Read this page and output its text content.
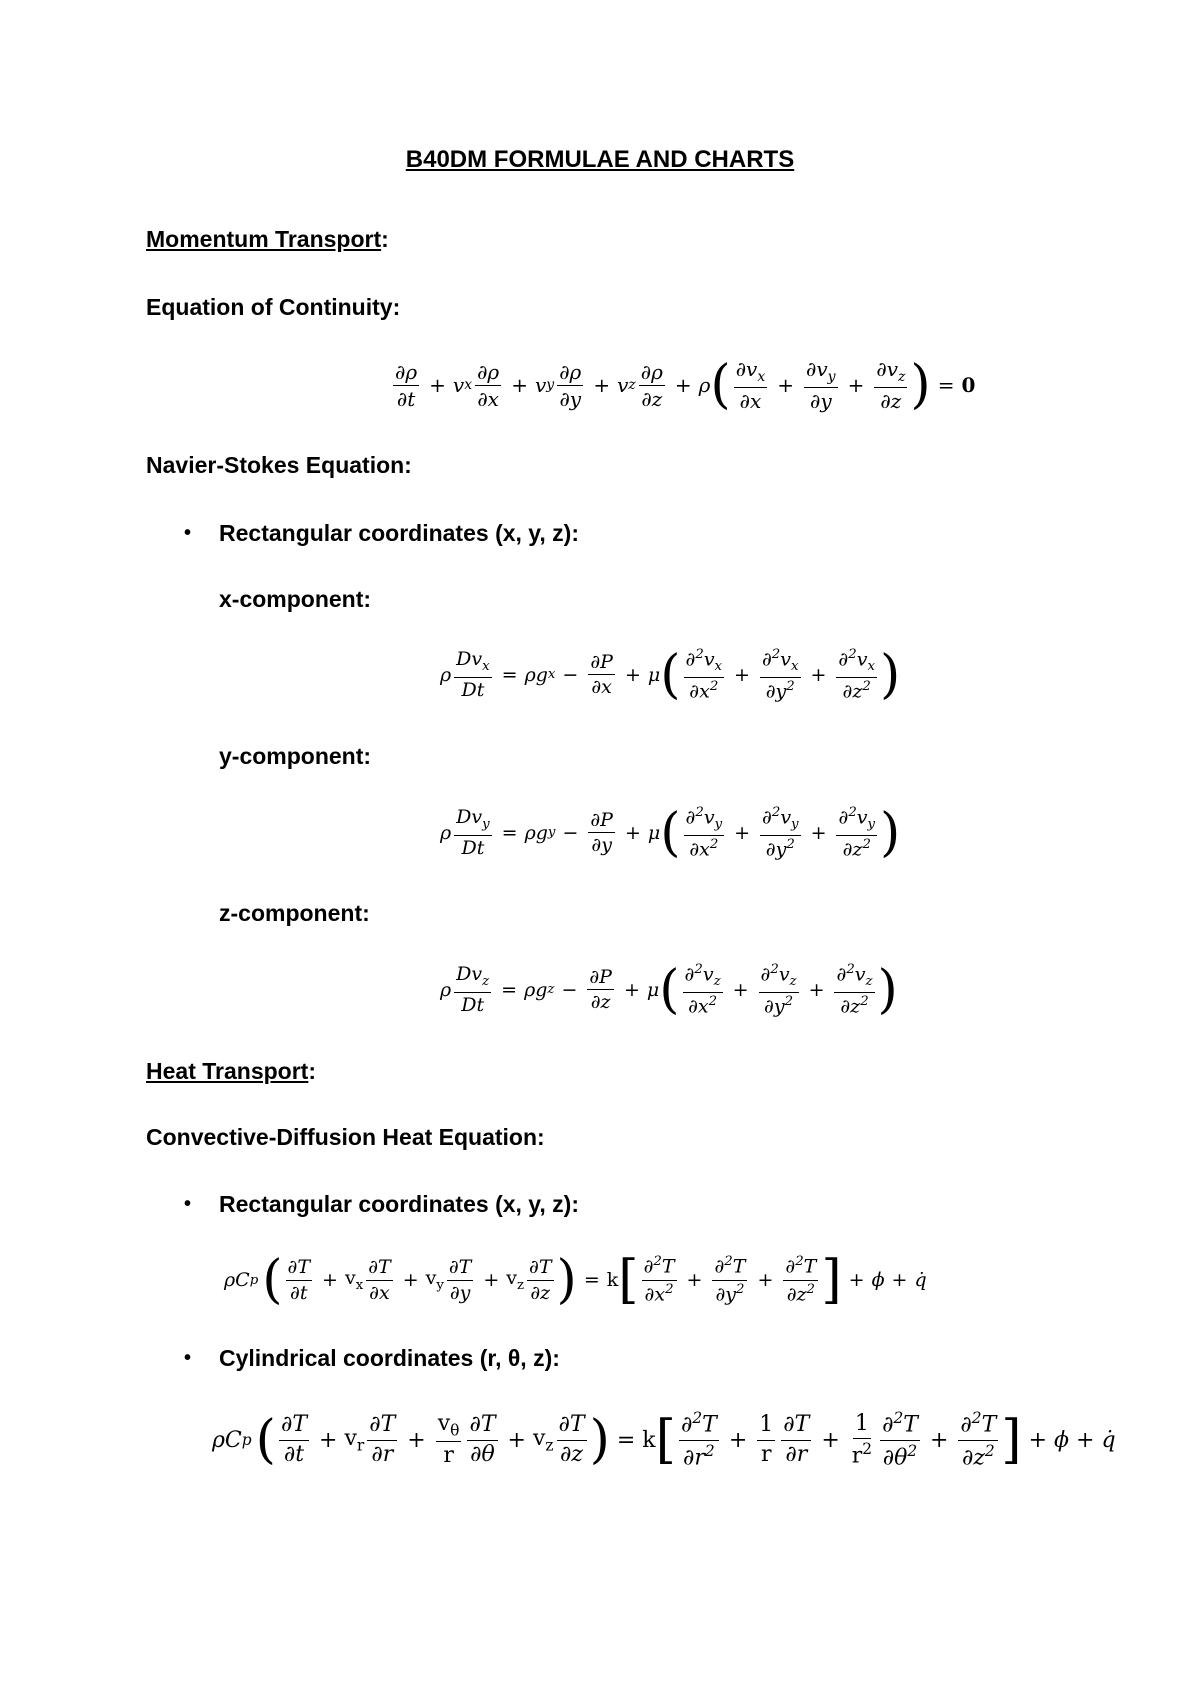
B40DM FORMULAE AND CHARTS
Momentum Transport:
Equation of Continuity:
$\frac{\partial\rho}{\partial t} + v$ x $\frac{\partial\rho}{\partial x} + v$ y $\frac{\partial\rho}{\partial y} + v$ z $\frac{\partial\rho}{\partial z} + \rho$ ( $\frac{\partial v_x}{\partial x} + \frac{\partial v_y}{\partial y} + \frac{\partial v_z}{\partial z}$ ) = 0
Navier-Stokes Equation:
• Rectangular coordinates (x, y, z):
x-component:
ρ $\frac{Dv_x}{Dt} = \rho g$ $x - \frac{\partial P}{\partial x} + \mu$ ( $\frac{\partial^2v_x}{\partial x^2} + \frac{\partial^2v_x}{\partial y^2} + \frac{\partial^2v_x}{\partial z^2}$ )
y-component:
ρ $\frac{Dv_y}{Dt} = \rho g$ $y - \frac{\partial P}{\partial y} + \mu$ ( $\frac{\partial^2v_y}{\partial x^2} + \frac{\partial^2v_y}{\partial y^2} + \frac{\partial^2v_y}{\partial z^2}$ )
z-component:
ρ $\frac{Dv_z}{Dt} = \rho g$ $z - \frac{\partial P}{\partial z} + \mu$ ( $\frac{\partial^2v_z}{\partial x^2} + \frac{\partial^2v_z}{\partial y^2} + \frac{\partial^2v_z}{\partial z^2}$ )
Heat Transport:
Convective-Diffusion Heat Equation:
• Rectangular coordinates (x, y, z):
ρC p ( $\frac{\partial T}{\partial t} + v_x \frac{\partial T}{\partial x} + v_y \frac{\partial T}{\partial y} + v_z \frac{\partial T}{\partial z}$ ) = k [ $\frac{\partial^2T}{\partial x^2} + \frac{\partial^2T}{\partial y^2} + \frac{\partial^2T}{\partial z^2}$ ] + ϕ + q̇
• Cylindrical coordinates (r, θ, z):
ρC p ( $\frac{\partial T}{\partial t} + v_r \frac{\partial T}{\partial r} + \frac{v_\theta}{r} \frac{\partial T}{\partial\theta} + v_z \frac{\partial T}{\partial z}$ ) = k [ $\frac{\partial^2T}{\partial r^2} + \frac{1}{r} \frac{\partial T}{\partial r} + \frac{1}{r^2} \frac{\partial^2T}{\partial\theta^2} + \frac{\partial^2T}{\partial z^2}$ ] + ϕ + q̇
